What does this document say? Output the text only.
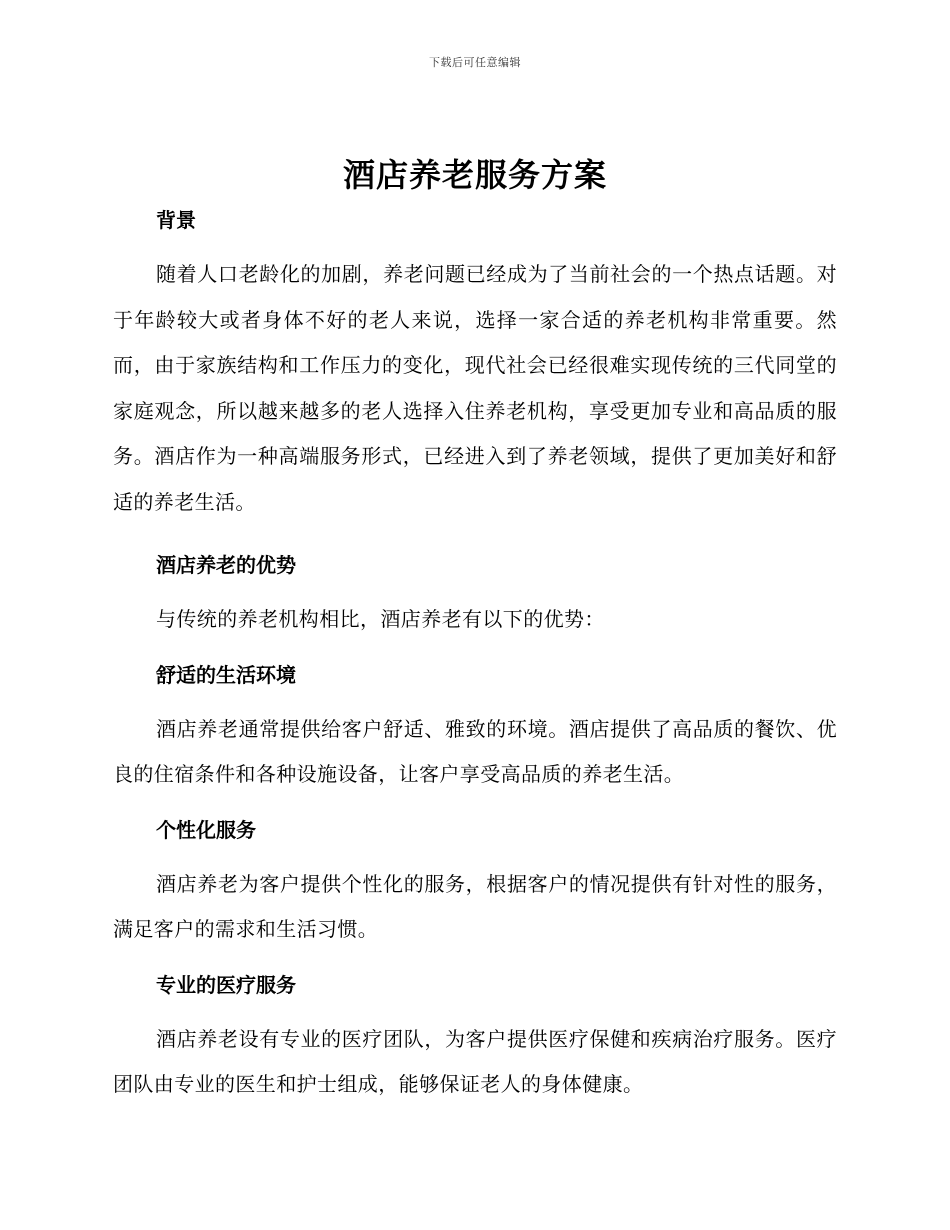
下载后可任意编辑
酒店养老服务方案
背景

随着人口老龄化的加剧，养老问题已经成为了当前社会的一个热点话题。对于年龄较大或者身体不好的老人来说，选择一家合适的养老机构非常重要。然而，由于家族结构和工作压力的变化，现代社会已经很难实现传统的三代同堂的家庭观念，所以越来越多的老人选择入住养老机构，享受更加专业和高品质的服务。酒店作为一种高端服务形式，已经进入到了养老领域，提供了更加美好和舒适的养老生活。

酒店养老的优势

与传统的养老机构相比，酒店养老有以下的优势：

舒适的生活环境

酒店养老通常提供给客户舒适、雅致的环境。酒店提供了高品质的餐饮、优良的住宿条件和各种设施设备，让客户享受高品质的养老生活。

个性化服务

酒店养老为客户提供个性化的服务，根据客户的情况提供有针对性的服务，满足客户的需求和生活习惯。

专业的医疗服务

酒店养老设有专业的医疗团队，为客户提供医疗保健和疾病治疗服务。医疗团队由专业的医生和护士组成，能够保证老人的身体健康。
